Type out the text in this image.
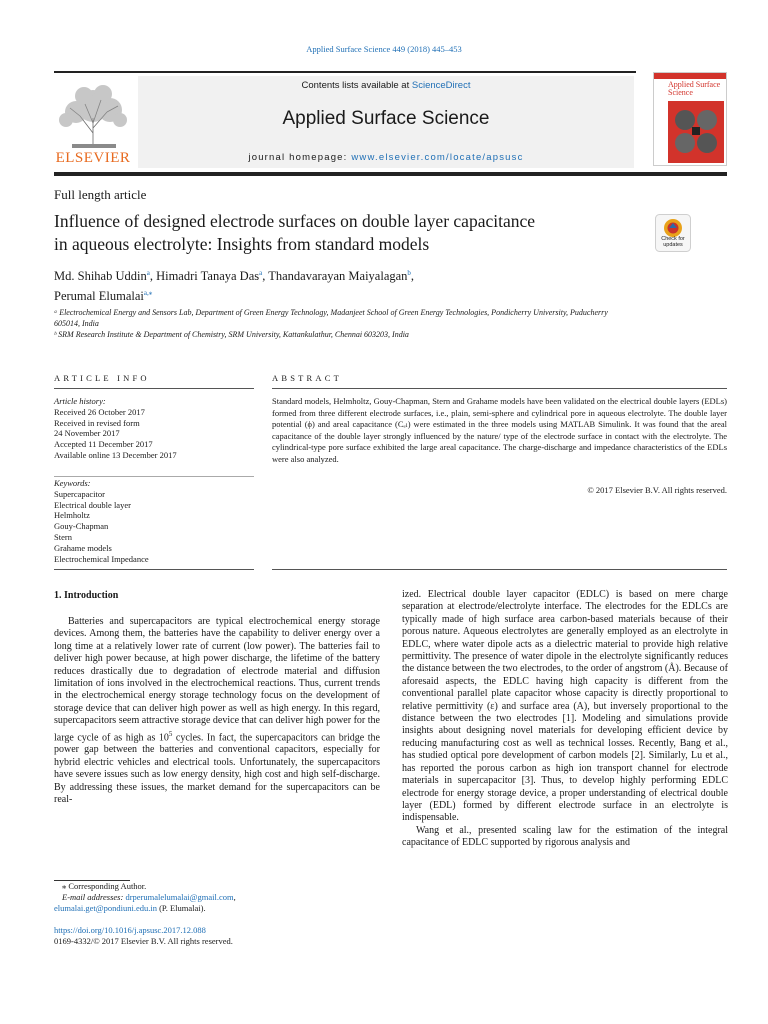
Applied Surface Science 449 (2018) 445–453
ELSEVIER
Contents lists available at ScienceDirect
Applied Surface Science
journal homepage: www.elsevier.com/locate/apsusc
Applied Surface Science
Full length article
Influence of designed electrode surfaces on double layer capacitance
in aqueous electrolyte: Insights from standard models	Check for updates
Md. Shihab Uddin$^a$, Himadri Tanaya Das$^a$, Thandavarayan Maiyalagan$^b$,
Perumal Elumalai$^{a,⁎}$
ᵃ Electrochemical Energy and Sensors Lab, Department of Green Energy Technology, Madanjeet School of Green Energy Technologies, Pondicherry University, Puducherry 605014, India
ᵇ SRM Research Institute & Department of Chemistry, SRM University, Kattankulathur, Chennai 603203, India
ARTICLE INFO	ABSTRACT
Article history:
Received 26 October 2017
Received in revised form
24 November 2017
Accepted 11 December 2017
Available online 13 December 2017
Keywords:
Supercapacitor
Electrical double layer
Helmholtz
Gouy-Chapman
Stern
Grahame models
Electrochemical Impedance
Standard models, Helmholtz, Gouy-Chapman, Stern and Grahame models have been validated on the electrical double layers (EDLs) formed from three different electrode surfaces, i.e., plain, semi-sphere and cylindrical pore in aqueous electrolyte. The double layer potential (ϕ) and areal capacitance (Cₑₗ) were estimated in the three models using MATLAB Simulink. It was found that the areal capacitance of the double layer strongly influenced by the nature/ type of the electrode surface in contact with the electrolyte. The cylindrical-type pore surface exhibited the large areal capacitance. The charge-discharge and impedance characteristics of the EDLs were also analyzed.
© 2017 Elsevier B.V. All rights reserved.
1. Introduction
Batteries and supercapacitors are typical electrochemical energy storage devices. Among them, the batteries have the capability to deliver energy over a long time at a relatively lower rate of current (low power). The batteries fail to deliver high power because, at high power discharge, the lifetime of the battery reduces drastically due to degradation of electrode material and diffusion limitation of ions involved in the electrochemical reactions. Thus, current trends in the electrochemical energy storage technology focus on the development of storage device that can deliver high power as well as high energy. In this regard, supercapacitors seem attractive storage device that can deliver high power for the large cycle of as high as $10^5$ cycles. In fact, the supercapacitors can bridge the power gap between the batteries and conventional capacitors, especially for hybrid electric vehicles and electrical tools. Unfortunately, the supercapacitors have severe issues such as low energy density, high cost and high self-discharge. By addressing these issues, the market demand for the supercapacitors can be real-

ized. Electrical double layer capacitor (EDLC) is based on mere charge separation at electrode/electrolyte interface. The electrodes for the EDLCs are typically made of high surface area carbon-based materials because of their porous nature. Aqueous electrolytes are generally employed as an electrolyte in EDLC, where water dipole acts as a dielectric material to provide high relative permittivity. The presence of water dipole in the electrolyte significantly reduces the distance between the two electrodes, to the order of angstrom (Å). Because of aforesaid aspects, the EDLC having high capacity is different from the conventional parallel plate capacitor whose capacity is directly proportional to relative permittivity (ε) and surface area (A), but inversely proportional to the distance between the two electrodes [1]. Modeling and simulations provide insights about designing novel materials for developing efficient device by reducing manufacturing cost as well as technical losses. Recently, Bang et al., has studied optical pore development of carbon models [2]. Similarly, Lu et al., has reported the porous carbon as high ion transport channel for electrode materials in supercapacitor [3]. Thus, to develop highly performing EDLC electrode for energy storage device, a proper understanding of electrical double layer (EDL) formed by different electrode surface in an electrolyte is indispensable.

Wang et al., presented scaling law for the estimation of the integral capacitance of EDLC supported by rigorous analysis and

⁎ Corresponding Author.
E-mail addresses: drperumalelumalai@gmail.com,
elumalai.get@pondiuni.edu.in (P. Elumalai).
https://doi.org/10.1016/j.apsusc.2017.12.088
0169-4332/© 2017 Elsevier B.V. All rights reserved.
